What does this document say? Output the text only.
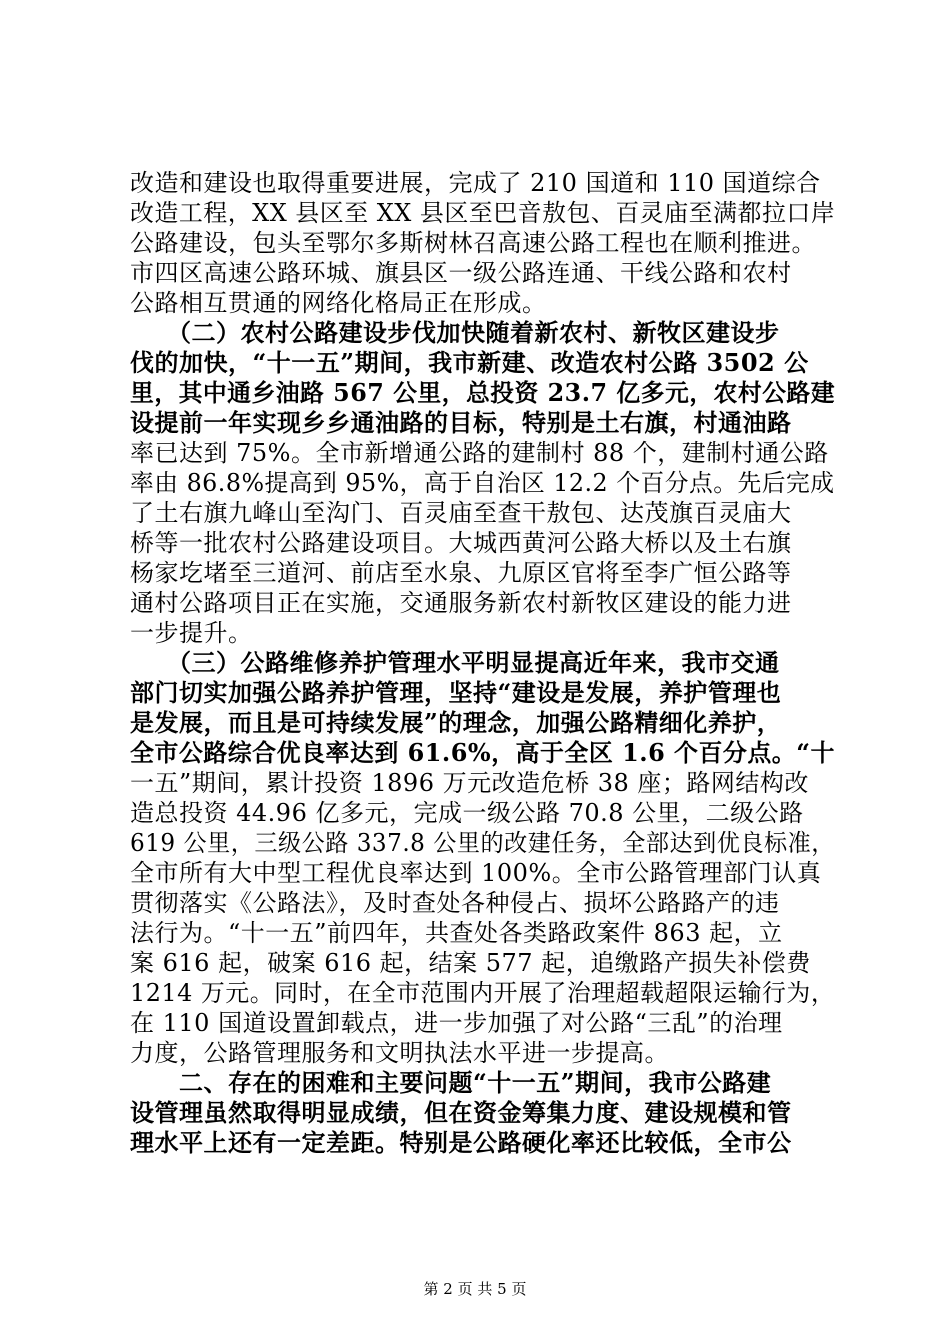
改造和建设也取得重要进展，完成了 210 国道和 110 国道综合
改造工程，XX 县区至 XX 县区至巴音敖包、百灵庙至满都拉口岸
公路建设，包头至鄂尔多斯树林召高速公路工程也在顺利推进。
市四区高速公路环城、旗县区一级公路连通、干线公路和农村
公路相互贯通的网络化格局正在形成。
　　（二）农村公路建设步伐加快随着新农村、新牧区建设步
伐的加快，“十一五”期间，我市新建、改造农村公路 3502 公
里，其中通乡油路 567 公里，总投资 23.7 亿多元，农村公路建
设提前一年实现乡乡通油路的目标，特别是土右旗，村通油路
率已达到 75%。全市新增通公路的建制村 88 个，建制村通公路
率由 86.8%提高到 95%，高于自治区 12.2 个百分点。先后完成
了土右旗九峰山至沟门、百灵庙至查干敖包、达茂旗百灵庙大
桥等一批农村公路建设项目。大城西黄河公路大桥以及土右旗
杨家圪堵至三道河、前店至水泉、九原区官将至李广恒公路等
通村公路项目正在实施，交通服务新农村新牧区建设的能力进
一步提升。
　　（三）公路维修养护管理水平明显提高近年来，我市交通
部门切实加强公路养护管理，坚持“建设是发展，养护管理也
是发展，而且是可持续发展”的理念，加强公路精细化养护，
全市公路综合优良率达到 61.6%，高于全区 1.6 个百分点。“十
一五”期间，累计投资 1896 万元改造危桥 38 座；路网结构改
造总投资 44.96 亿多元，完成一级公路 70.8 公里，二级公路
619 公里，三级公路 337.8 公里的改建任务，全部达到优良标准，
全市所有大中型工程优良率达到 100%。全市公路管理部门认真
贯彻落实《公路法》，及时查处各种侵占、损坏公路路产的违
法行为。“十一五”前四年，共查处各类路政案件 863 起，立
案 616 起，破案 616 起，结案 577 起，追缴路产损失补偿费
1214 万元。同时，在全市范围内开展了治理超载超限运输行为，
在 110 国道设置卸载点，进一步加强了对公路“三乱”的治理
力度，公路管理服务和文明执法水平进一步提高。
　　二、存在的困难和主要问题“十一五”期间，我市公路建
设管理虽然取得明显成绩，但在资金筹集力度、建设规模和管
理水平上还有一定差距。特别是公路硬化率还比较低，全市公
第 2 页 共 5 页
